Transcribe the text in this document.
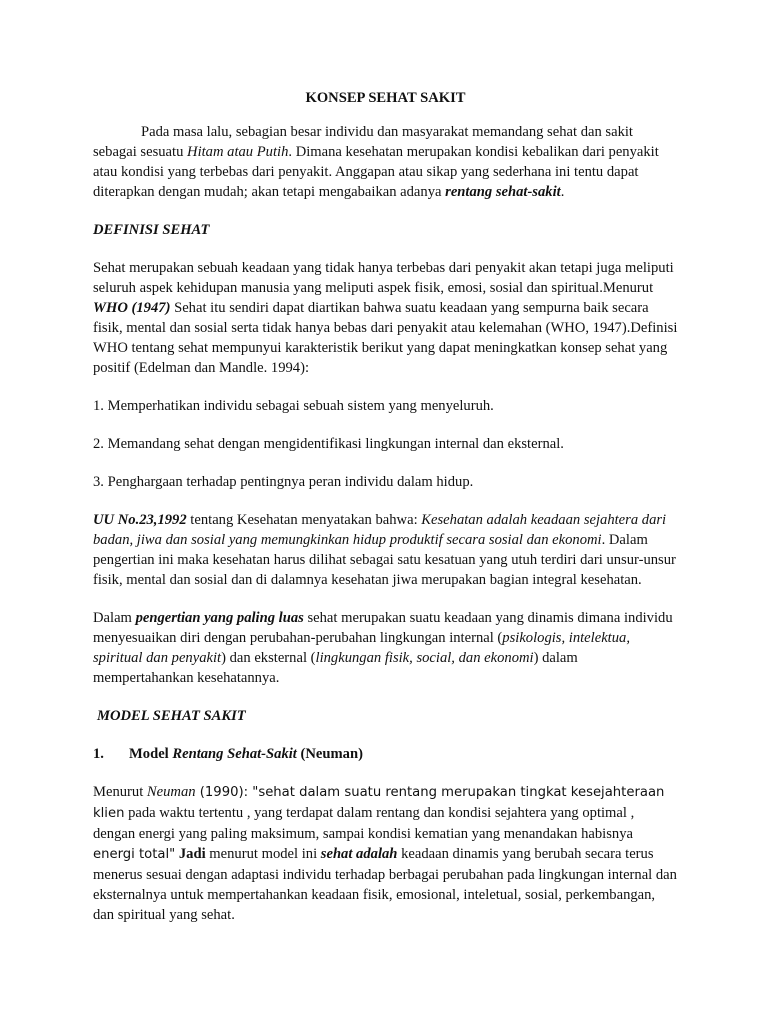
KONSEP SEHAT SAKIT

Pada masa lalu, sebagian besar individu dan masyarakat memandang sehat dan sakit sebagai sesuatu Hitam atau Putih. Dimana kesehatan merupakan kondisi kebalikan dari penyakit atau kondisi yang terbebas dari penyakit. Anggapan atau sikap yang sederhana ini tentu dapat diterapkan dengan mudah; akan tetapi mengabaikan adanya rentang sehat-sakit.

DEFINISI SEHAT

Sehat merupakan sebuah keadaan yang tidak hanya terbebas dari penyakit akan tetapi juga meliputi seluruh aspek kehidupan manusia yang meliputi aspek fisik, emosi, sosial dan spiritual.Menurut WHO (1947) Sehat itu sendiri dapat diartikan bahwa suatu keadaan yang sempurna baik secara fisik, mental dan sosial serta tidak hanya bebas dari penyakit atau kelemahan (WHO, 1947).Definisi WHO tentang sehat mempunyui karakteristik berikut yang dapat meningkatkan konsep sehat yang positif (Edelman dan Mandle. 1994):

1. Memperhatikan individu sebagai sebuah sistem yang menyeluruh.

2. Memandang sehat dengan mengidentifikasi lingkungan internal dan eksternal.

3. Penghargaan terhadap pentingnya peran individu dalam hidup.

UU No.23,1992 tentang Kesehatan menyatakan bahwa: Kesehatan adalah keadaan sejahtera dari badan, jiwa dan sosial yang memungkinkan hidup produktif secara sosial dan ekonomi. Dalam pengertian ini maka kesehatan harus dilihat sebagai satu kesatuan yang utuh terdiri dari unsur-unsur fisik, mental dan sosial dan di dalamnya kesehatan jiwa merupakan bagian integral kesehatan.

Dalam pengertian yang paling luas sehat merupakan suatu keadaan yang dinamis dimana individu menyesuaikan diri dengan perubahan-perubahan lingkungan internal (psikologis, intelektua, spiritual dan penyakit) dan eksternal (lingkungan fisik, social, dan ekonomi) dalam mempertahankan kesehatannya.

MODEL SEHAT SAKIT

1. Model Rentang Sehat-Sakit (Neuman)

Menurut Neuman (1990): "sehat dalam suatu rentang merupakan tingkat kesejahteraan klien pada waktu tertentu , yang terdapat dalam rentang dan kondisi sejahtera yang optimal , dengan energi yang paling maksimum, sampai kondisi kematian yang menandakan habisnya energi total" Jadi menurut model ini sehat adalah keadaan dinamis yang berubah secara terus menerus sesuai dengan adaptasi individu terhadap berbagai perubahan pada lingkungan internal dan eksternalnya untuk mempertahankan keadaan fisik, emosional, inteletual, sosial, perkembangan, dan spiritual yang sehat.
